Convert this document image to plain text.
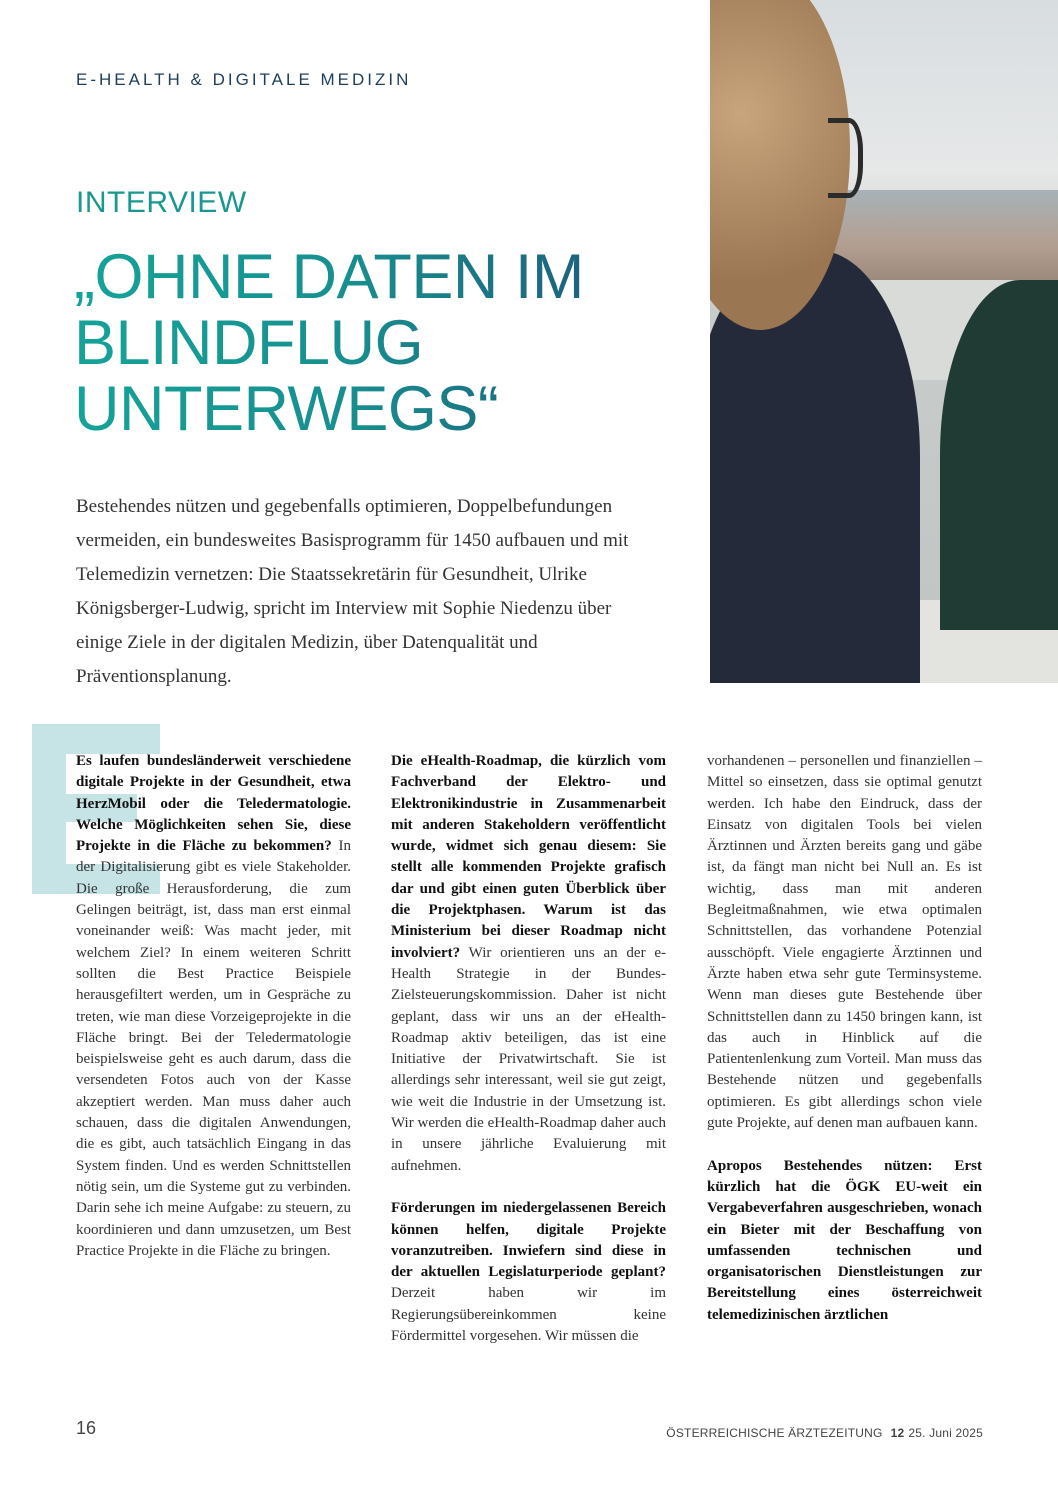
E-HEALTH & DIGITALE MEDIZIN
INTERVIEW
„OHNE DATEN IM BLINDFLUG UNTERWEGS“

Bestehendes nützen und gegebenfalls optimieren, Doppelbefundungen vermeiden, ein bundesweites Basisprogramm für 1450 aufbauen und mit Telemedizin vernetzen: Die Staatssekretärin für Gesundheit, Ulrike Königsberger-Ludwig, spricht im Interview mit Sophie Niedenzu über einige Ziele in der digitalen Medizin, über Datenqualität und Präventionsplanung.

Es laufen bundesländerweit verschiedene digitale Projekte in der Gesundheit, etwa HerzMobil oder die Teledermatologie. Welche Möglichkeiten sehen Sie, diese Projekte in die Fläche zu bekommen? In der Digitalisierung gibt es viele Stakeholder. Die große Herausforderung, die zum Gelingen beiträgt, ist, dass man erst einmal voneinander weiß: Was macht jeder, mit welchem Ziel? In einem weiteren Schritt sollten die Best Practice Beispiele herausgefiltert werden, um in Gespräche zu treten, wie man diese Vorzeigeprojekte in die Fläche bringt. Bei der Teledermatologie beispielsweise geht es auch darum, dass die versendeten Fotos auch von der Kasse akzeptiert werden. Man muss daher auch schauen, dass die digitalen Anwendungen, die es gibt, auch tatsächlich Eingang in das System finden. Und es werden Schnittstellen nötig sein, um die Systeme gut zu verbinden. Darin sehe ich meine Aufgabe: zu steuern, zu koordinieren und dann umzusetzen, um Best Practice Projekte in die Fläche zu bringen.

Die eHealth-Roadmap, die kürzlich vom Fachverband der Elektro- und Elektronikindustrie in Zusammenarbeit mit anderen Stakeholdern veröffentlicht wurde, widmet sich genau diesem: Sie stellt alle kommenden Projekte grafisch dar und gibt einen guten Überblick über die Projektphasen. Warum ist das Ministerium bei dieser Roadmap nicht involviert? Wir orientieren uns an der e-Health Strategie in der Bundes-Zielsteuerungskommission. Daher ist nicht geplant, dass wir uns an der eHealth-Roadmap aktiv beteiligen, das ist eine Initiative der Privatwirtschaft. Sie ist allerdings sehr interessant, weil sie gut zeigt, wie weit die Industrie in der Umsetzung ist. Wir werden die eHealth-Roadmap daher auch in unsere jährliche Evaluierung mit aufnehmen.

Förderungen im niedergelassenen Bereich können helfen, digitale Projekte voranzutreiben. Inwiefern sind diese in der aktuellen Legislaturperiode geplant? Derzeit haben wir im Regierungsübereinkommen keine Fördermittel vorgesehen. Wir müssen die

vorhandenen – personellen und finanziellen – Mittel so einsetzen, dass sie optimal genutzt werden. Ich habe den Eindruck, dass der Einsatz von digitalen Tools bei vielen Ärztinnen und Ärzten bereits gang und gäbe ist, da fängt man nicht bei Null an. Es ist wichtig, dass man mit anderen Begleitmaßnahmen, wie etwa optimalen Schnittstellen, das vorhandene Potenzial ausschöpft. Viele engagierte Ärztinnen und Ärzte haben etwa sehr gute Terminsysteme. Wenn man dieses gute Bestehende über Schnittstellen dann zu 1450 bringen kann, ist das auch in Hinblick auf die Patientenlenkung zum Vorteil. Man muss das Bestehende nützen und gegebenfalls optimieren. Es gibt allerdings schon viele gute Projekte, auf denen man aufbauen kann.

Apropos Bestehendes nützen: Erst kürzlich hat die ÖGK EU-weit ein Vergabeverfahren ausgeschrieben, wonach ein Bieter mit der Beschaffung von umfassenden technischen und organisatorischen Dienstleistungen zur Bereitstellung eines österreichweit telemedizinischen ärztlichen

16	ÖSTERREICHISCHE ÄRZTEZEITUNG 12 25. Juni 2025
